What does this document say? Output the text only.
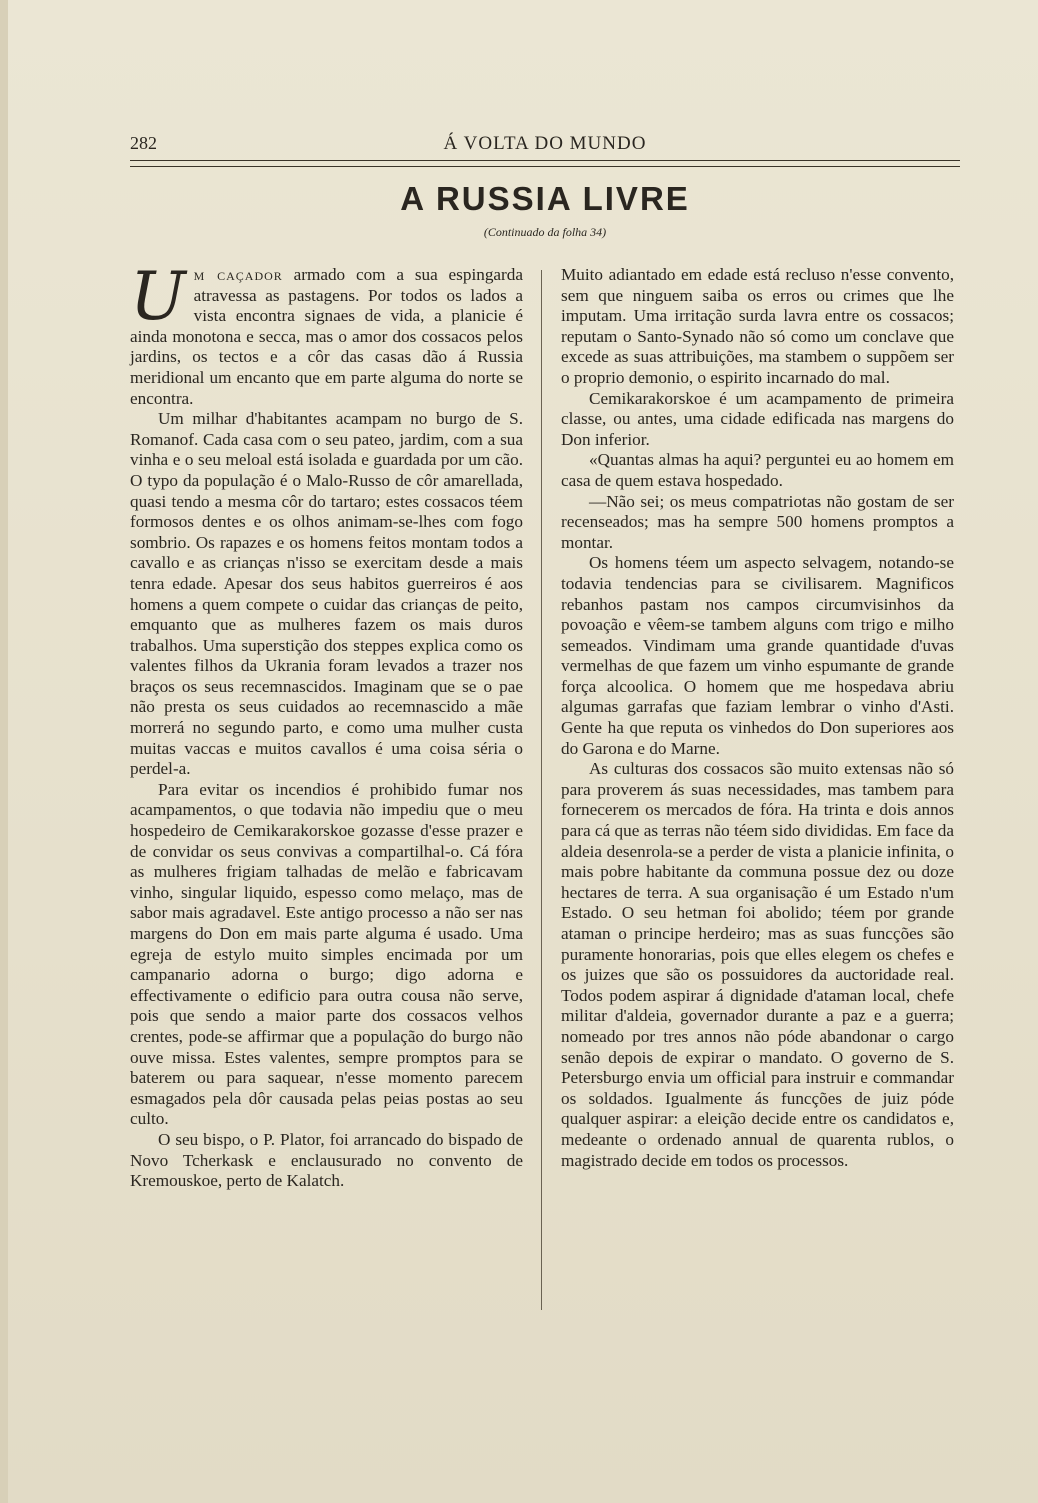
282	Á VOLTA DO MUNDO
A RUSSIA LIVRE
(Continuado da folha 34)

Um caçador armado com a sua espingarda atravessa as pastagens. Por todos os lados a vista encontra signaes de vida, a planicie é ainda monotona e secca, mas o amor dos cossacos pelos jardins, os tectos e a côr das casas dão á Russia meridional um encanto que em parte alguma do norte se encontra.

Um milhar d'habitantes acampam no burgo de S. Romanof. Cada casa com o seu pateo, jardim, com a sua vinha e o seu meloal está isolada e guardada por um cão. O typo da população é o Malo-Russo de côr amarellada, quasi tendo a mesma côr do tartaro; estes cossacos téem formosos dentes e os olhos animam-se-lhes com fogo sombrio. Os rapazes e os homens feitos montam todos a cavallo e as crianças n'isso se exercitam desde a mais tenra edade. Apesar dos seus habitos guerreiros é aos homens a quem compete o cuidar das crianças de peito, emquanto que as mulheres fazem os mais duros trabalhos. Uma superstição dos steppes explica como os valentes filhos da Ukrania foram levados a trazer nos braços os seus recemnascidos. Imaginam que se o pae não presta os seus cuidados ao recemnascido a mãe morrerá no segundo parto, e como uma mulher custa muitas vaccas e muitos cavallos é uma coisa séria o perdel-a.

Para evitar os incendios é prohibido fumar nos acampamentos, o que todavia não impediu que o meu hospedeiro de Cemikarakorskoe gozasse d'esse prazer e de convidar os seus convivas a compartilhal-o. Cá fóra as mulheres frigiam talhadas de melão e fabricavam vinho, singular liquido, espesso como melaço, mas de sabor mais agradavel. Este antigo processo a não ser nas margens do Don em mais parte alguma é usado. Uma egreja de estylo muito simples encimada por um campanario adorna o burgo; digo adorna e effectivamente o edificio para outra cousa não serve, pois que sendo a maior parte dos cossacos velhos crentes, pode-se affirmar que a população do burgo não ouve missa. Estes valentes, sempre promptos para se baterem ou para saquear, n'esse momento parecem esmagados pela dôr causada pelas peias postas ao seu culto.

O seu bispo, o P. Plator, foi arrancado do bispado de Novo Tcherkask e enclausurado no convento de Kremouskoe, perto de Kalatch.

Muito adiantado em edade está recluso n'esse convento, sem que ninguem saiba os erros ou crimes que lhe imputam. Uma irritação surda lavra entre os cossacos; reputam o Santo-Synado não só como um conclave que excede as suas attribuições, ma stambem o suppõem ser o proprio demonio, o espirito incarnado do mal.

Cemikarakorskoe é um acampamento de primeira classe, ou antes, uma cidade edificada nas margens do Don inferior.

«Quantas almas ha aqui? perguntei eu ao homem em casa de quem estava hospedado.

—Não sei; os meus compatriotas não gostam de ser recenseados; mas ha sempre 500 homens promptos a montar.

Os homens téem um aspecto selvagem, notando-se todavia tendencias para se civilisarem. Magnificos rebanhos pastam nos campos circumvisinhos da povoação e vêem-se tambem alguns com trigo e milho semeados. Vindimam uma grande quantidade d'uvas vermelhas de que fazem um vinho espumante de grande força alcoolica. O homem que me hospedava abriu algumas garrafas que faziam lembrar o vinho d'Asti. Gente ha que reputa os vinhedos do Don superiores aos do Garona e do Marne.

As culturas dos cossacos são muito extensas não só para proverem ás suas necessidades, mas tambem para fornecerem os mercados de fóra. Ha trinta e dois annos para cá que as terras não téem sido divididas. Em face da aldeia desenrola-se a perder de vista a planicie infinita, o mais pobre habitante da communa possue dez ou doze hectares de terra. A sua organisação é um Estado n'um Estado. O seu hetman foi abolido; téem por grande ataman o principe herdeiro; mas as suas funcções são puramente honorarias, pois que elles elegem os chefes e os juizes que são os possuidores da auctoridade real. Todos podem aspirar á dignidade d'ataman local, chefe militar d'aldeia, governador durante a paz e a guerra; nomeado por tres annos não póde abandonar o cargo senão depois de expirar o mandato. O governo de S. Petersburgo envia um official para instruir e commandar os soldados. Igualmente ás funcções de juiz póde qualquer aspirar: a eleição decide entre os candidatos e, medeante o ordenado annual de quarenta rublos, o magistrado decide em todos os processos.
